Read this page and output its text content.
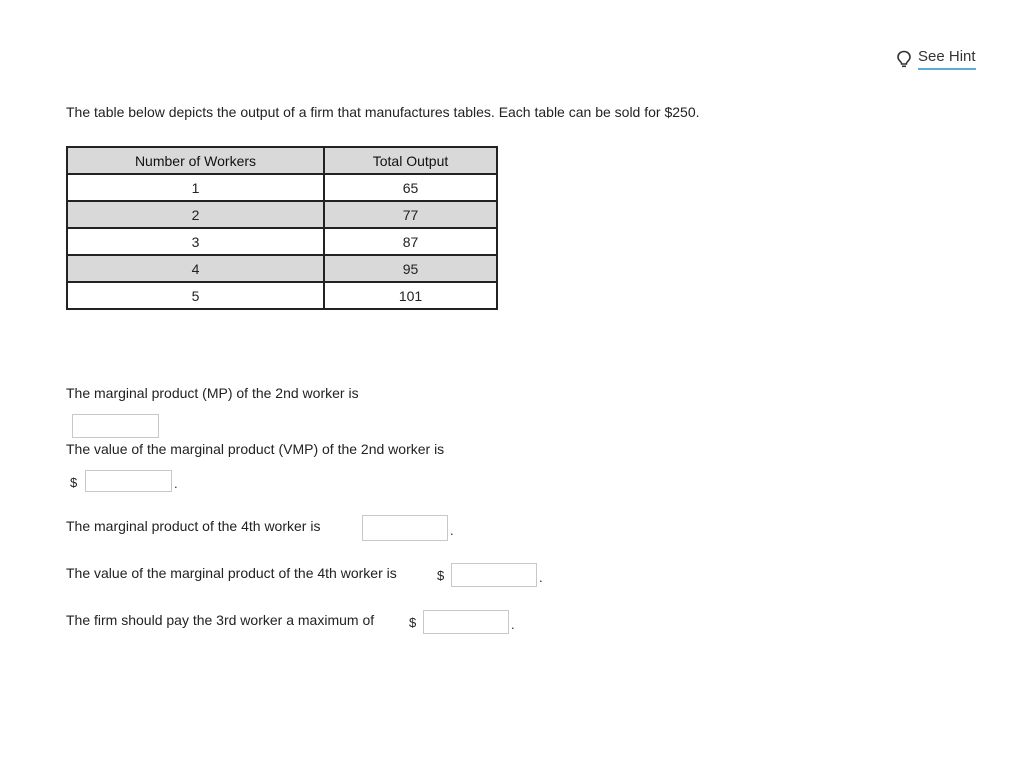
See Hint
The table below depicts the output of a firm that manufactures tables. Each table can be sold for $250.
Number of Workers	Total Output
1	65
2	77
3	87
4	95
5	101
The marginal product (MP) of the 2nd worker is
The value of the marginal product (VMP) of the 2nd worker is
$	.
The marginal product of the 4th worker is	.
The value of the marginal product of the 4th worker is	$	.
The firm should pay the 3rd worker a maximum of	$	.
